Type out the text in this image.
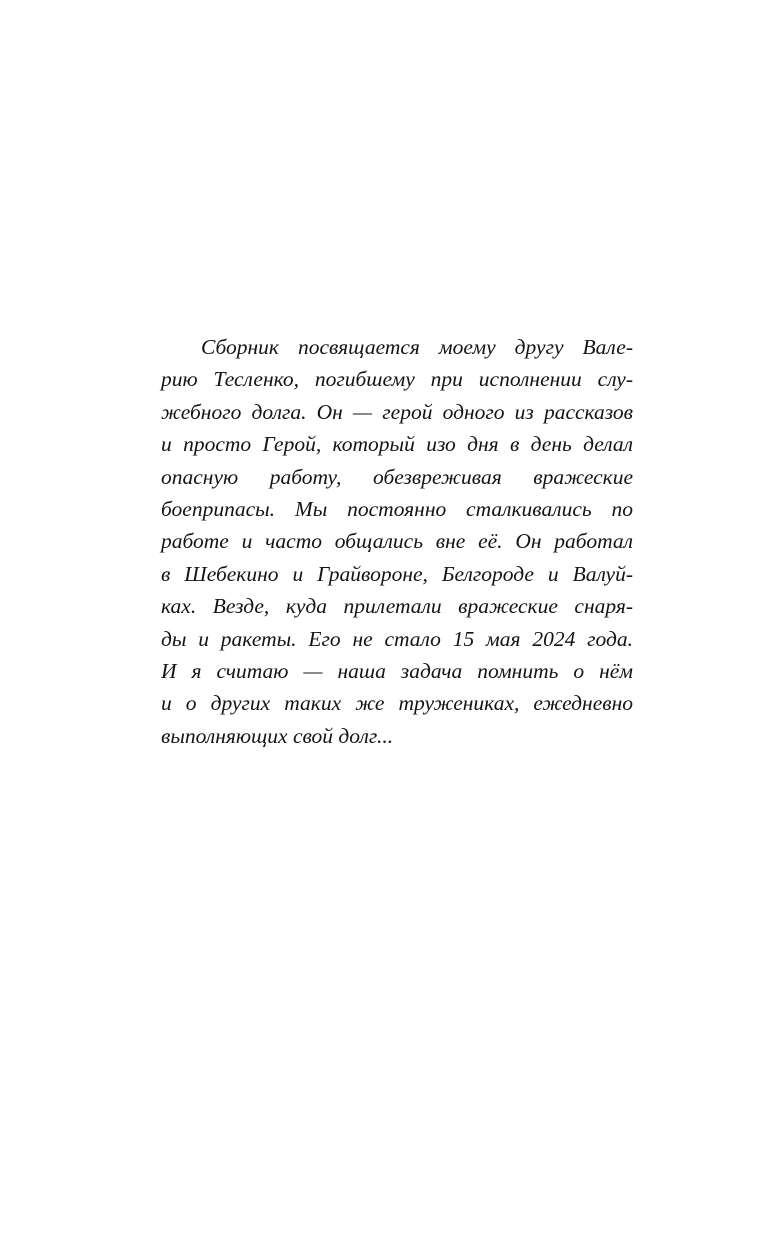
Сборник посвящается моему другу Вале-
рию Тесленко, погибшему при исполнении слу-
жебного долга. Он — герой одного из рассказов
и просто Герой, который изо дня в день делал
опасную работу, обезвреживая вражеские
боеприпасы. Мы постоянно сталкивались по
работе и часто общались вне её. Он работал
в Шебекино и Грайвороне, Белгороде и Валуй-
ках. Везде, куда прилетали вражеские снаря-
ды и ракеты. Его не стало 15 мая 2024 года.
И я считаю — наша задача помнить о нём
и о других таких же тружениках, ежедневно
выполняющих свой долг...
